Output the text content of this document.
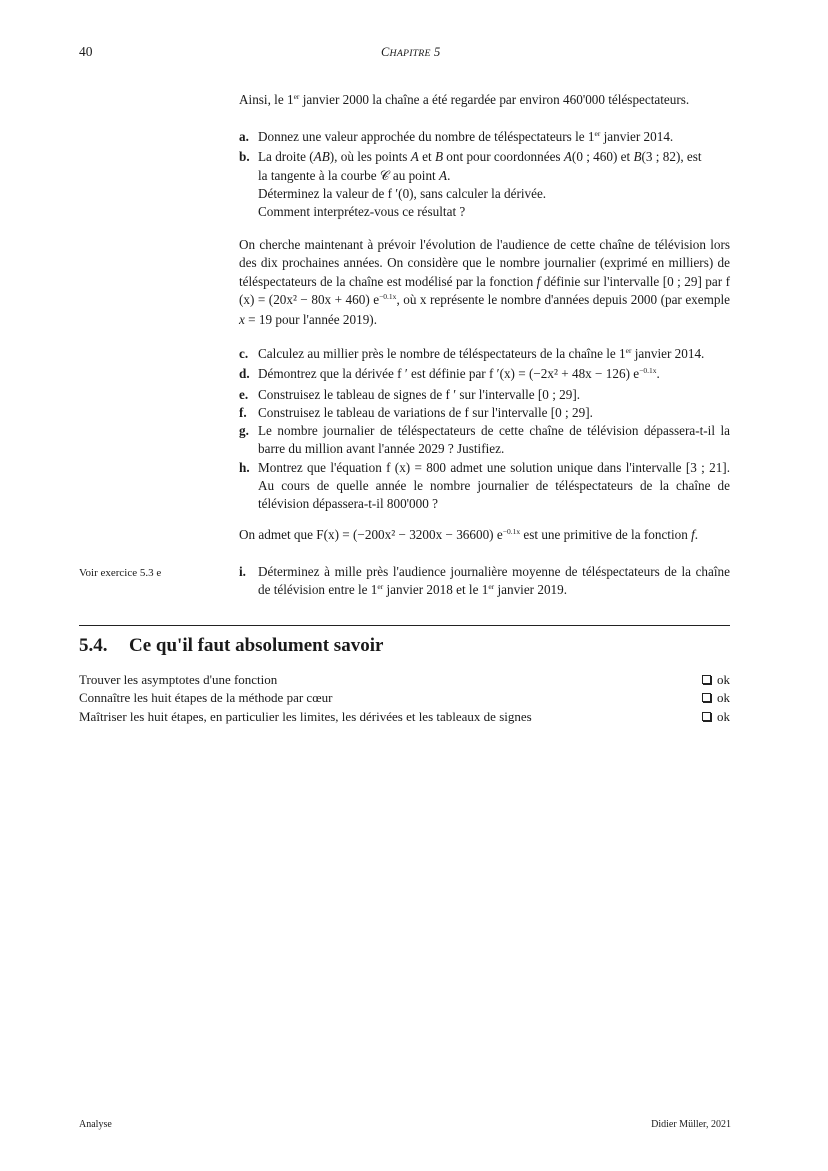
40	CHAPITRE 5
Ainsi, le 1er janvier 2000 la chaîne a été regardée par environ 460'000 téléspectateurs.
a. Donnez une valeur approchée du nombre de téléspectateurs le 1er janvier 2014.
b. La droite (AB), où les points A et B ont pour coordonnées A(0 ; 460) et B(3 ; 82), est
la tangente à la courbe 𝒞 au point A.
Déterminez la valeur de f ′(0), sans calculer la dérivée.
Comment interprétez-vous ce résultat ?
On cherche maintenant à prévoir l'évolution de l'audience de cette chaîne de télévision lors des dix prochaines années. On considère que le nombre journalier (exprimé en milliers) de téléspectateurs de la chaîne est modélisé par la fonction f définie sur l'intervalle [0 ; 29] par f (x) = (20x² − 80x + 460) $e^{-0.1x}$, où x représente le nombre d'années depuis 2000 (par exemple x = 19 pour l'année 2019).
c. Calculez au millier près le nombre de téléspectateurs de la chaîne le 1er janvier 2014.
d. Démontrez que la dérivée f ′ est définie par f ′(x) = (−2x² + 48x − 126) $e^{-0.1x}$.
e. Construisez le tableau de signes de f ′ sur l'intervalle [0 ; 29].
f. Construisez le tableau de variations de f sur l'intervalle [0 ; 29].
g. Le nombre journalier de téléspectateurs de cette chaîne de télévision dépassera-t-il la barre du million avant l'année 2029 ? Justifiez.
h. Montrez que l'équation f (x) = 800 admet une solution unique dans l'intervalle [3 ; 21]. Au cours de quelle année le nombre journalier de téléspectateurs de la chaîne de télévision dépassera-t-il 800'000 ?
On admet que F(x) = (−200x² − 3200x − 36600) $e^{-0.1x}$ est une primitive de la fonction f.
Voir exercice 5.3 e	i. Déterminez à mille près l'audience journalière moyenne de téléspectateurs de la chaîne de télévision entre le 1er janvier 2018 et le 1er janvier 2019.
5.4. Ce qu'il faut absolument savoir
Trouver les asymptotes d'une fonction	ok
Connaître les huit étapes de la méthode par cœur	ok
Maîtriser les huit étapes, en particulier les limites, les dérivées et les tableaux de signes	ok
Analyse	Didier Müller, 2021
